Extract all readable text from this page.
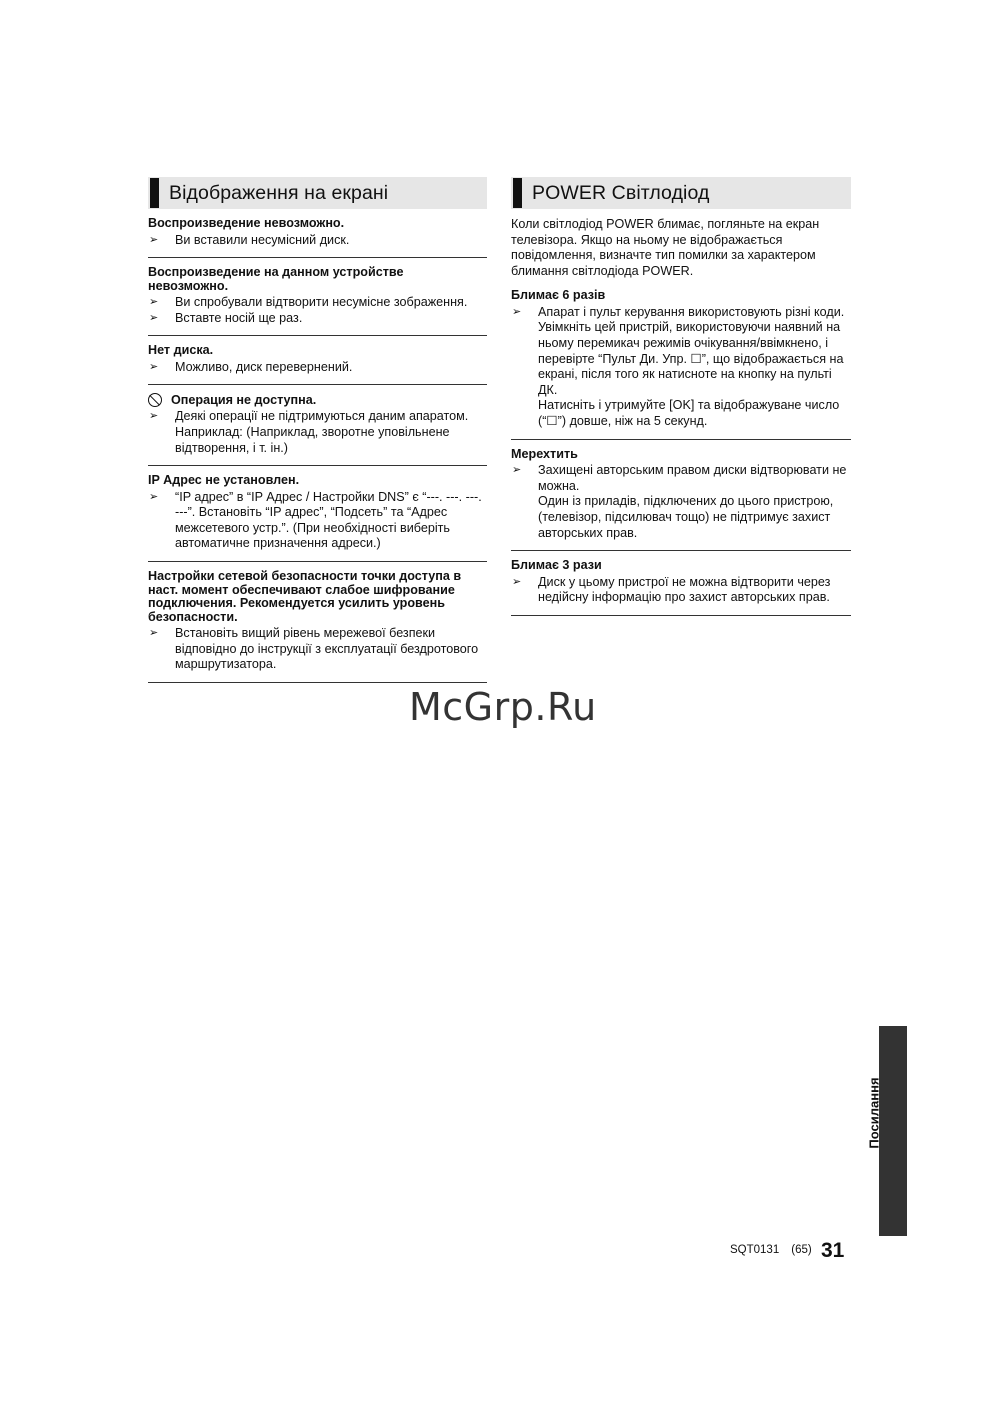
Відображення на екрані
Воспроизведение невозможно.
➢ Ви вставили несумісний диск.

Воспроизведение на данном устройстве невозможно.
➢ Ви спробували відтворити несумісне зображення.

➢ Вставте носій ще раз.

Нет диска.
➢ Можливо, диск перевернений.

Операция не доступна.
➢ Деякі операції не підтримуються даним апаратом. Наприклад: (Наприклад, зворотне уповільнене відтворення, і т. ін.)

IP Адрес не установлен.
➢ “IP адрес” в “IP Адрес / Настройки DNS” є “---. ---. ---. ---”. Встановіть “IP адрес”, “Подсеть” та “Адрес межсетевого устр.”. (При необхідності виберіть автоматичне призначення адреси.)

Настройки сетевой безопасности точки доступа в наст. момент обеспечивают слабое шифрование подключения. Рекомендуется усилить уровень безопасности.
➢ Встановіть вищий рівень мережевої безпеки відповідно до інструкції з експлуатації бездротового маршрутизатора.

POWER Світлодіод

Коли світлодіод POWER блимає, погляньте на екран телевізора. Якщо на ньому не відображається повідомлення, визначте тип помилки за характером блимання світлодіода POWER.

Блимає 6 разів
➢ Апарат і пульт керування використовують різні коди.

Увімкніть цей пристрій, використовуючи наявний на ньому перемикач режимів очікування/ввімкнено, і перевірте “Пульт Ди. Упр. ☐”, що відображається на екрані, після того як натисноте на кнопку на пульті ДК.

Натисніть і утримуйте [OK] та відображуване число (“☐”) довше, ніж на 5 секунд.

Мерехтить
➢ Захищені авторським правом диски відтворювати не можна.

Один із приладів, підключених до цього пристрою, (телевізор, підсилювач тощо) не підтримує захист авторських прав.

Блимає 3 рази
➢ Диск у цьому пристрої не можна відтворити через недійсну інформацію про захист авторських прав.

McGrp.Ru
Посилання
SQT0131 (65) 31
